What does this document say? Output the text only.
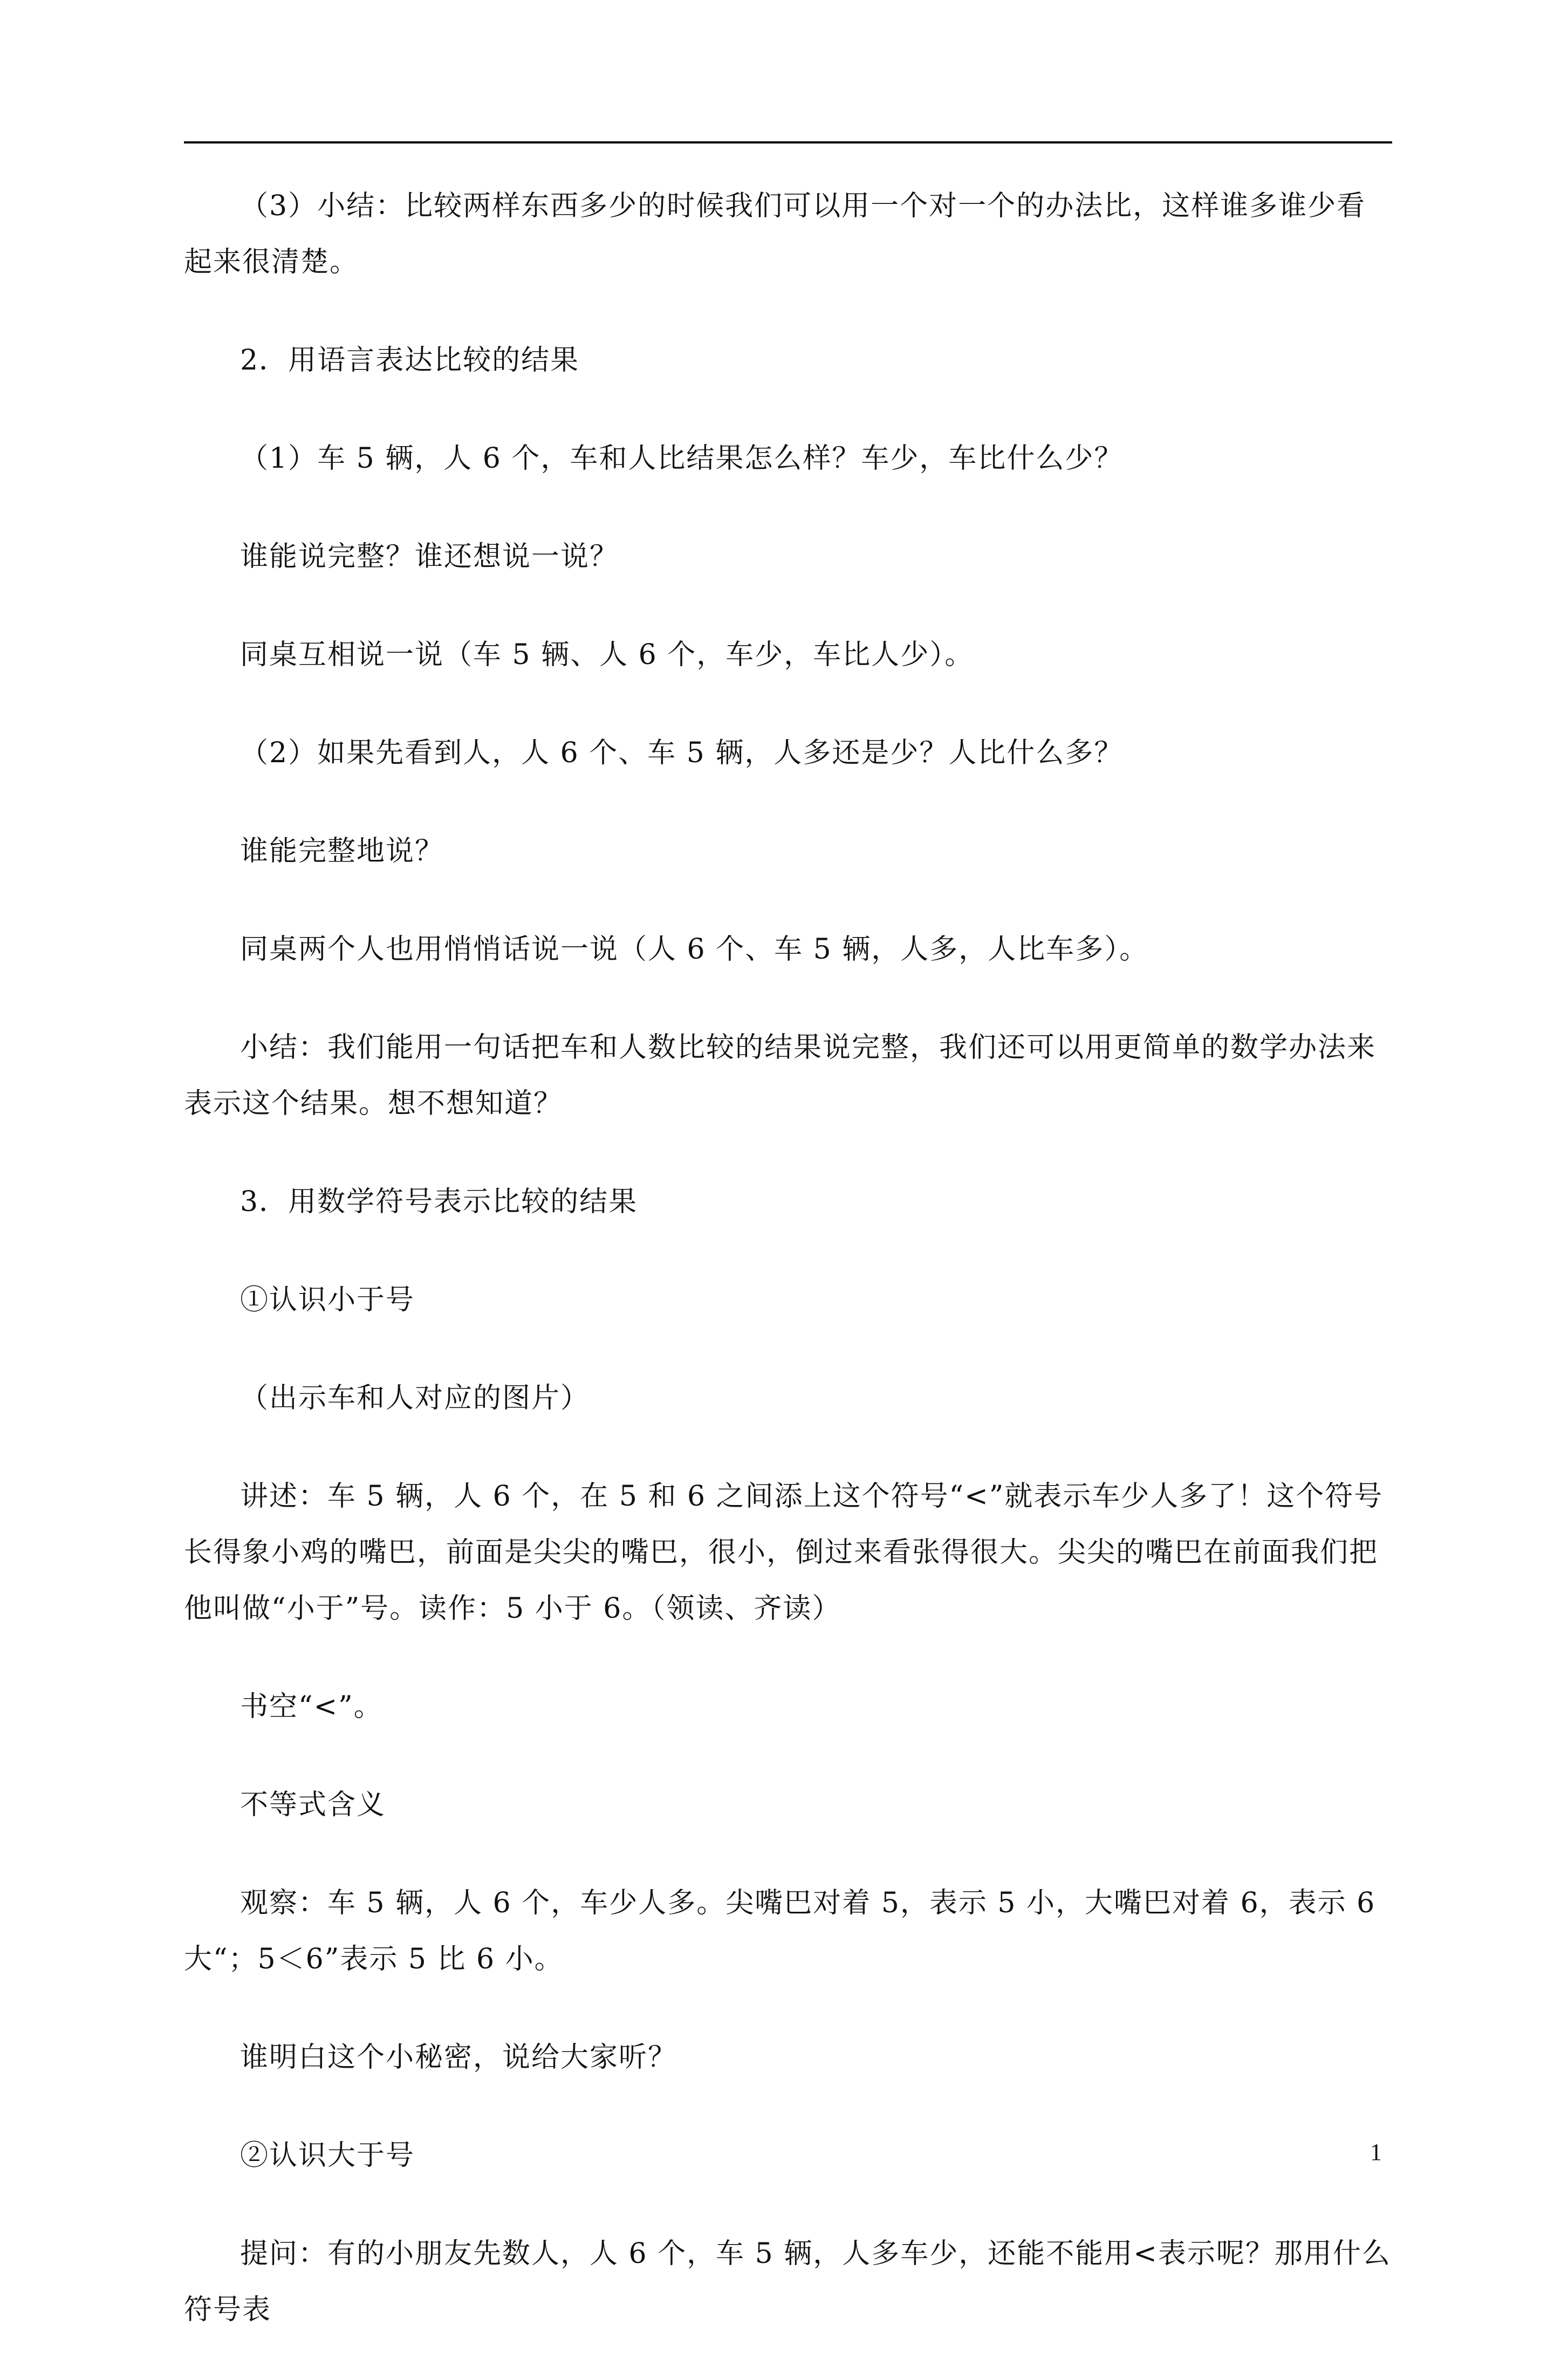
（3）小结：比较两样东西多少的时候我们可以用一个对一个的办法比，这样谁多谁少看起来很清楚。

2．用语言表达比较的结果

（1）车 5 辆，人 6 个，车和人比结果怎么样？车少，车比什么少？

谁能说完整？谁还想说一说？

同桌互相说一说（车 5 辆、人 6 个，车少，车比人少）。

（2）如果先看到人，人 6 个、车 5 辆，人多还是少？人比什么多？

谁能完整地说？

同桌两个人也用悄悄话说一说（人 6 个、车 5 辆，人多，人比车多）。

小结：我们能用一句话把车和人数比较的结果说完整，我们还可以用更简单的数学办法来表示这个结果。想不想知道？

3．用数学符号表示比较的结果

①认识小于号

（出示车和人对应的图片）

讲述：车 5 辆，人 6 个，在 5 和 6 之间添上这个符号“<”就表示车少人多了！这个符号长得象小鸡的嘴巴，前面是尖尖的嘴巴，很小，倒过来看张得很大。尖尖的嘴巴在前面我们把他叫做“小于”号。读作：5 小于 6。（领读、齐读）

书空“<”。

不等式含义

观察：车 5 辆，人 6 个，车少人多。尖嘴巴对着 5，表示 5 小，大嘴巴对着 6，表示 6 大“；5＜6”表示 5 比 6 小。

谁明白这个小秘密，说给大家听？

②认识大于号

提问：有的小朋友先数人，人 6 个，车 5 辆，人多车少，还能不能用<表示呢？那用什么符号表

1
